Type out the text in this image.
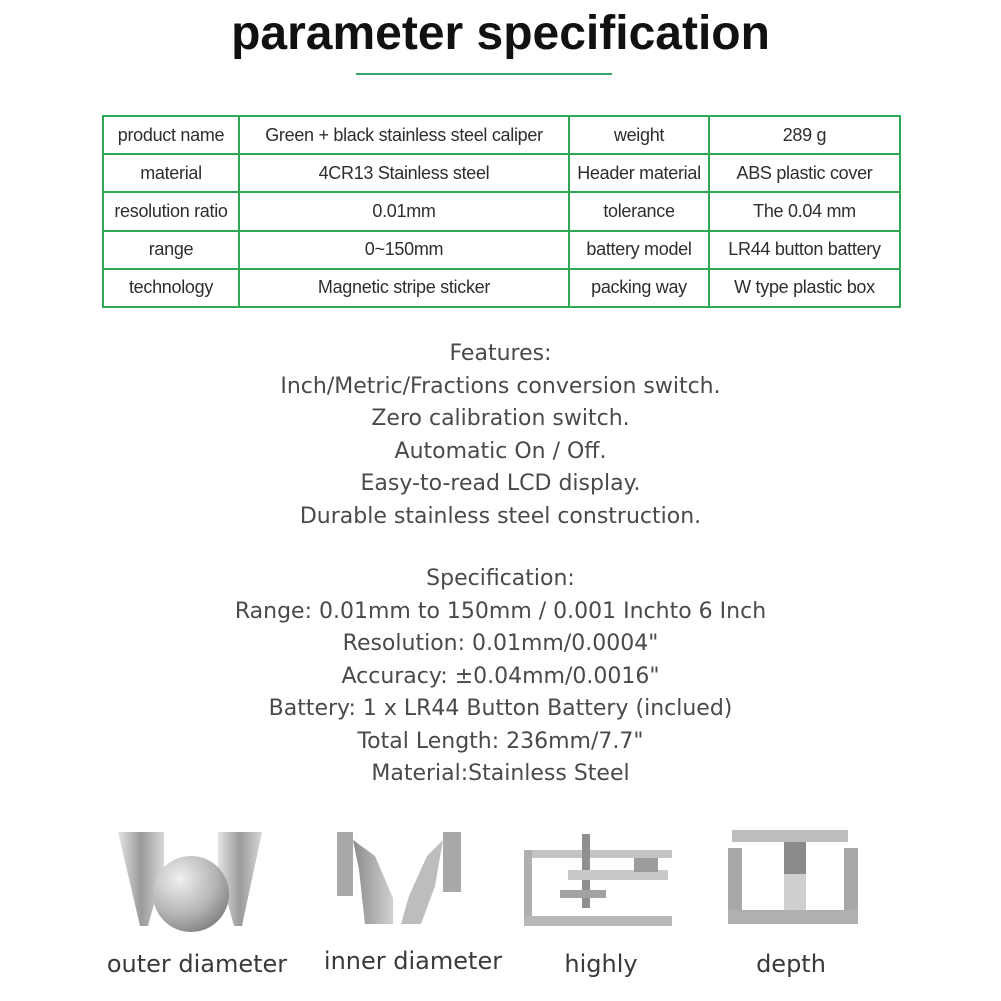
parameter specification
product name	Green + black stainless steel caliper	weight	289 g
material	4CR13 Stainless steel	Header material	ABS plastic cover
resolution ratio	0.01mm	tolerance	The 0.04 mm
range	0~150mm	battery model	LR44 button battery
technology	Magnetic stripe sticker	packing way	W type plastic box
Features:
Inch/Metric/Fractions conversion switch.
Zero calibration switch.
Automatic On / Off.
Easy-to-read LCD display.
Durable stainless steel construction.
Specification:
Range: 0.01mm to 150mm / 0.001 Inchto 6 Inch
Resolution: 0.01mm/0.0004"
Accuracy: ±0.04mm/0.0016"
Battery: 1 x LR44 Button Battery (inclued)
Total Length: 236mm/7.7"
Material:Stainless Steel
outer diameter	inner diameter	highly	depth
